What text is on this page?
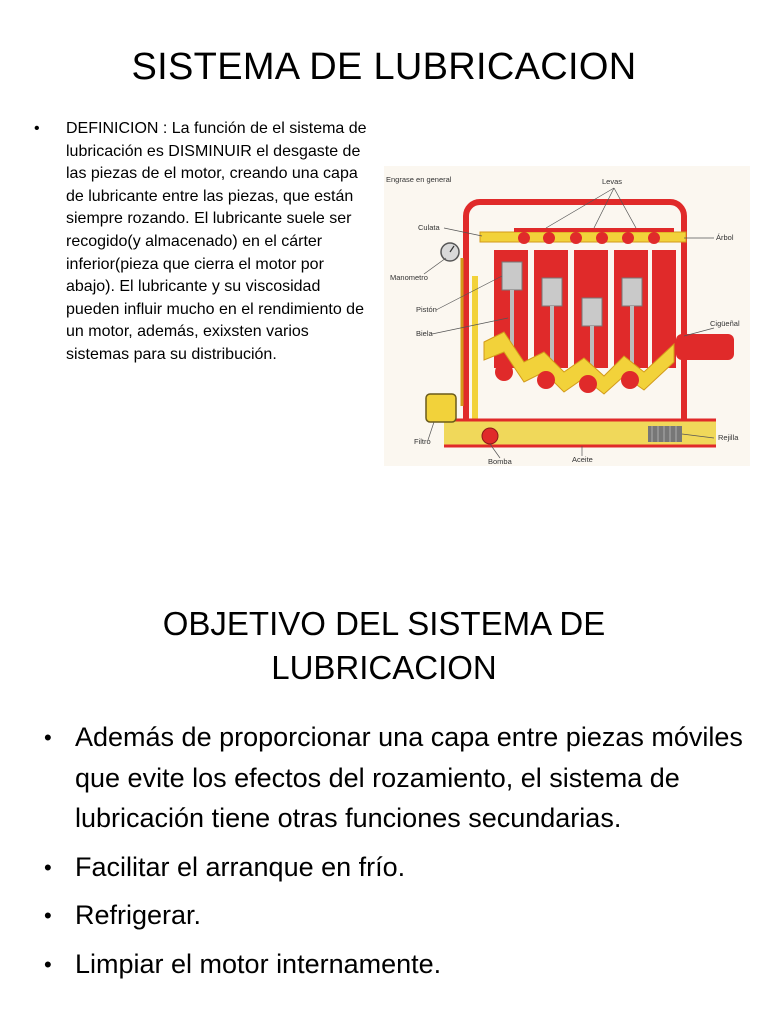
SISTEMA DE LUBRICACION
• DEFINICION : La función de el sistema de lubricación es DISMINUIR el desgaste de las piezas de el motor, creando una capa de lubricante entre las piezas, que están siempre rozando. El lubricante suele ser recogido(y almacenado) en el cárter inferior(pieza que cierra el motor por abajo). El lubricante y su viscosidad pueden influir mucho en el rendimiento de un motor, además, exixsten varios sistemas para su distribución.
Engrase en general	Levas
Culata
Árbol
Manometro
Pistón
Biela
Cigüeñal
Filtro	Rejilla
Bomba	Aceite
OBJETIVO DEL SISTEMA DE LUBRICACION
• Además de proporcionar una capa entre piezas móviles que evite los efectos del rozamiento, el sistema de lubricación tiene otras funciones secundarias.
• Facilitar el arranque en frío.
• Refrigerar.
• Limpiar el motor internamente.
